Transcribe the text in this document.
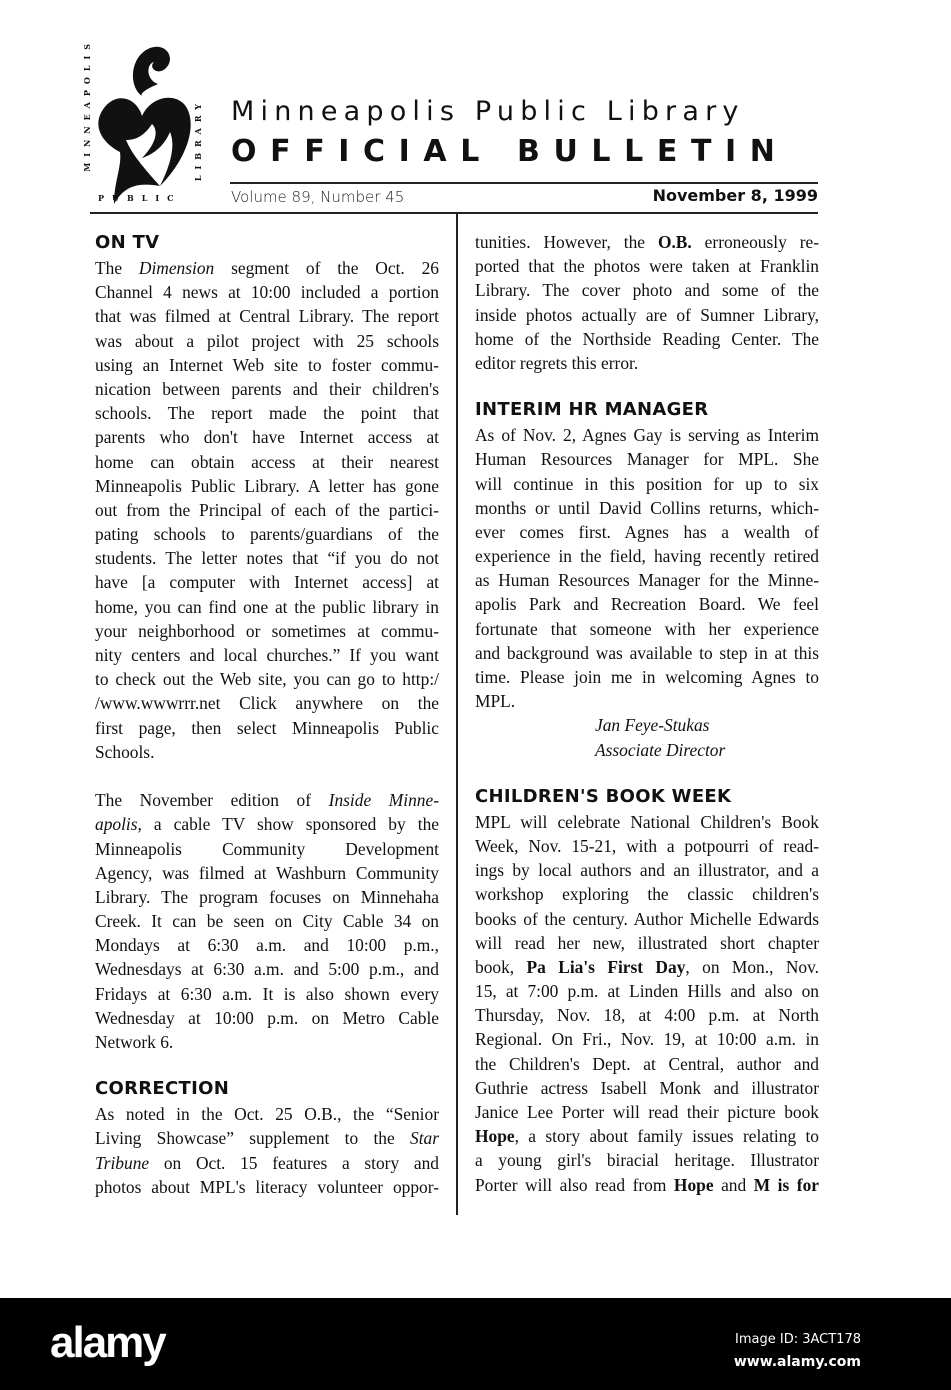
MINNEAPOLIS	LIBRARY
PUBLIC
Minneapolis Public Library
OFFICIAL BULLETIN
Volume 89, Number 45	November 8, 1999
ON TV
The Dimension segment of the Oct. 26
Channel 4 news at 10:00 included a portion
that was filmed at Central Library. The report
was about a pilot project with 25 schools
using an Internet Web site to foster commu-
nication between parents and their children's
schools. The report made the point that
parents who don't have Internet access at
home can obtain access at their nearest
Minneapolis Public Library. A letter has gone
out from the Principal of each of the partici-
pating schools to parents/guardians of the
students. The letter notes that “if you do not
have [a computer with Internet access] at
home, you can find one at the public library in
your neighborhood or sometimes at commu-
nity centers and local churches.” If you want
to check out the Web site, you can go to http:/
/www.wwwrrr.net Click anywhere on the
first page, then select Minneapolis Public
Schools.
The November edition of Inside Minne-
apolis, a cable TV show sponsored by the
Minneapolis Community Development
Agency, was filmed at Washburn Community
Library. The program focuses on Minnehaha
Creek. It can be seen on City Cable 34 on
Mondays at 6:30 a.m. and 10:00 p.m.,
Wednesdays at 6:30 a.m. and 5:00 p.m., and
Fridays at 6:30 a.m. It is also shown every
Wednesday at 10:00 p.m. on Metro Cable
Network 6.
CORRECTION
As noted in the Oct. 25 O.B., the “Senior
Living Showcase” supplement to the Star
Tribune on Oct. 15 features a story and
photos about MPL's literacy volunteer oppor-
tunities. However, the O.B. erroneously re-
ported that the photos were taken at Franklin
Library. The cover photo and some of the
inside photos actually are of Sumner Library,
home of the Northside Reading Center. The
editor regrets this error.
INTERIM HR MANAGER
As of Nov. 2, Agnes Gay is serving as Interim
Human Resources Manager for MPL. She
will continue in this position for up to six
months or until David Collins returns, which-
ever comes first. Agnes has a wealth of
experience in the field, having recently retired
as Human Resources Manager for the Minne-
apolis Park and Recreation Board. We feel
fortunate that someone with her experience
and background was available to step in at this
time. Please join me in welcoming Agnes to
MPL.
Jan Feye-Stukas
Associate Director
CHILDREN'S BOOK WEEK
MPL will celebrate National Children's Book
Week, Nov. 15-21, with a potpourri of read-
ings by local authors and an illustrator, and a
workshop exploring the classic children's
books of the century. Author Michelle Edwards
will read her new, illustrated short chapter
book, Pa Lia's First Day, on Mon., Nov.
15, at 7:00 p.m. at Linden Hills and also on
Thursday, Nov. 18, at 4:00 p.m. at North
Regional. On Fri., Nov. 19, at 10:00 a.m. in
the Children's Dept. at Central, author and
Guthrie actress Isabell Monk and illustrator
Janice Lee Porter will read their picture book
Hope, a story about family issues relating to
a young girl's biracial heritage. Illustrator
Porter will also read from Hope and M is for
alamy	Image ID: 3ACT178
www.alamy.com
